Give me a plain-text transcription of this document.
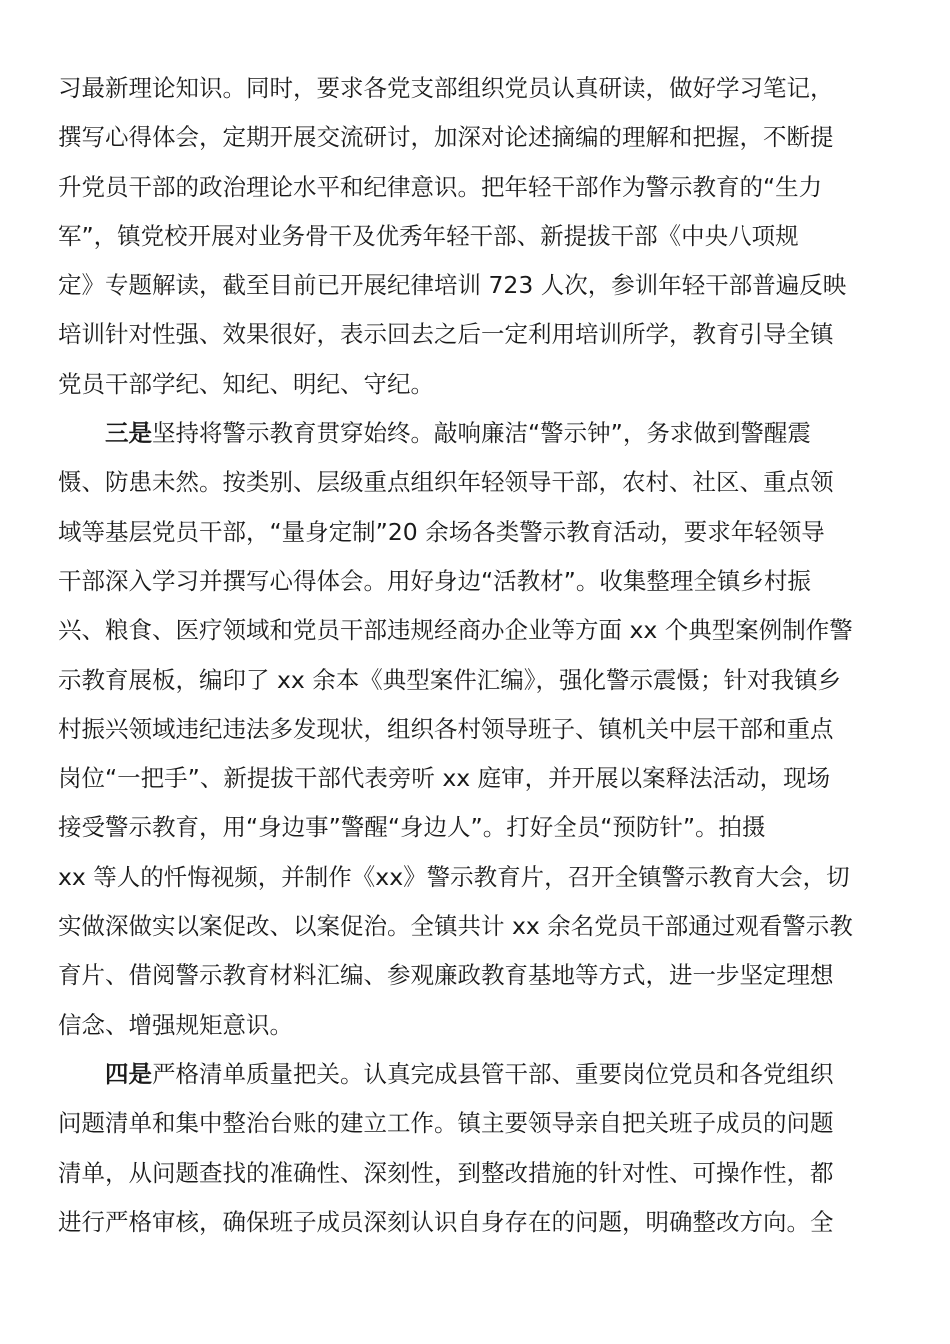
习最新理论知识。同时，要求各党支部组织党员认真研读，做好学习笔记，
撰写心得体会，定期开展交流研讨，加深对论述摘编的理解和把握，不断提
升党员干部的政治理论水平和纪律意识。把年轻干部作为警示教育的“生力
军”，镇党校开展对业务骨干及优秀年轻干部、新提拔干部《中央八项规
定》专题解读，截至目前已开展纪律培训 723 人次，参训年轻干部普遍反映
培训针对性强、效果很好，表示回去之后一定利用培训所学，教育引导全镇
党员干部学纪、知纪、明纪、守纪。
三是坚持将警示教育贯穿始终。敲响廉洁“警示钟”，务求做到警醒震
慑、防患未然。按类别、层级重点组织年轻领导干部，农村、社区、重点领
域等基层党员干部，“量身定制”20 余场各类警示教育活动，要求年轻领导
干部深入学习并撰写心得体会。用好身边“活教材”。收集整理全镇乡村振
兴、粮食、医疗领域和党员干部违规经商办企业等方面 xx 个典型案例制作警
示教育展板，编印了 xx 余本《典型案件汇编》，强化警示震慑；针对我镇乡
村振兴领域违纪违法多发现状，组织各村领导班子、镇机关中层干部和重点
岗位“一把手”、新提拔干部代表旁听 xx 庭审，并开展以案释法活动，现场
接受警示教育，用“身边事”警醒“身边人”。打好全员“预防针”。拍摄
xx 等人的忏悔视频，并制作《xx》警示教育片，召开全镇警示教育大会，切
实做深做实以案促改、以案促治。全镇共计 xx 余名党员干部通过观看警示教
育片、借阅警示教育材料汇编、参观廉政教育基地等方式，进一步坚定理想
信念、增强规矩意识。
四是严格清单质量把关。认真完成县管干部、重要岗位党员和各党组织
问题清单和集中整治台账的建立工作。镇主要领导亲自把关班子成员的问题
清单，从问题查找的准确性、深刻性，到整改措施的针对性、可操作性，都
进行严格审核，确保班子成员深刻认识自身存在的问题，明确整改方向。全
